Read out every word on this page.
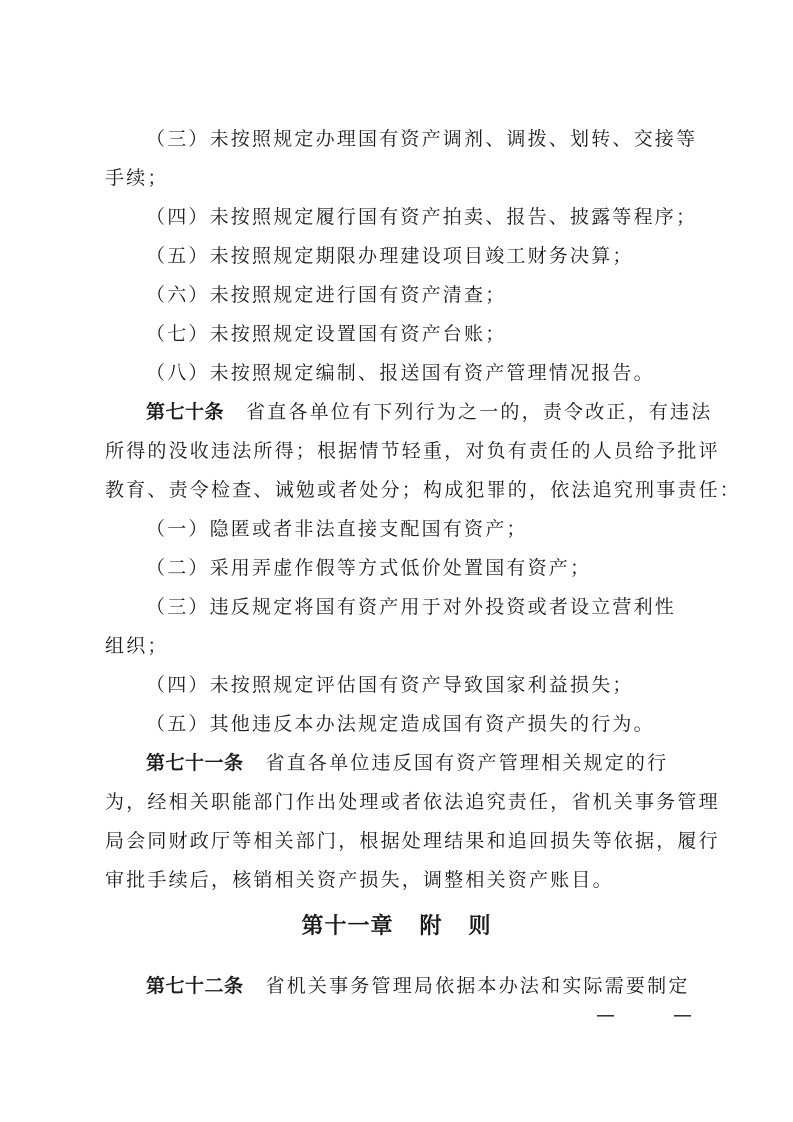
（三）未按照规定办理国有资产调剂、调拨、划转、交接等
手续；
（四）未按照规定履行国有资产拍卖、报告、披露等程序；
（五）未按照规定期限办理建设项目竣工财务决算；
（六）未按照规定进行国有资产清查；
（七）未按照规定设置国有资产台账；
（八）未按照规定编制、报送国有资产管理情况报告。
第七十条 省直各单位有下列行为之一的，责令改正，有违法
所得的没收违法所得；根据情节轻重，对负有责任的人员给予批评
教育、责令检查、诫勉或者处分；构成犯罪的，依法追究刑事责任：
（一）隐匿或者非法直接支配国有资产；
（二）采用弄虚作假等方式低价处置国有资产；
（三）违反规定将国有资产用于对外投资或者设立营利性
组织；
（四）未按照规定评估国有资产导致国家利益损失；
（五）其他违反本办法规定造成国有资产损失的行为。
第七十一条 省直各单位违反国有资产管理相关规定的行
为，经相关职能部门作出处理或者依法追究责任，省机关事务管理
局会同财政厅等相关部门，根据处理结果和追回损失等依据，履行
审批手续后，核销相关资产损失，调整相关资产账目。
第十一章 附 则
第七十二条 省机关事务管理局依据本办法和实际需要制定
— —
